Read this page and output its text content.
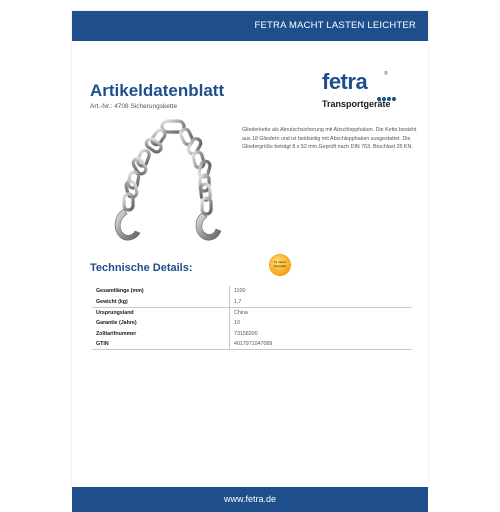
FETRA MACHT LASTEN LEICHTER
Artikeldatenblatt
Art.-Nr.: 4708 Sicherungskette
fetra	®
Transportgeräte
Gliederkette als Abrutschsicherung mit Abschlepphaken. Die Kette besteht aus 18 Gliedern und ist beidseitig mit Abschlepphaken ausgestattet. Die Gliedergröße beträgt 8 x 52 mm.Geprüft nach DIN 763, Bruchlast 25 KN.
Technische Details:	10 Jahre Garantie
Gesamtlänge (mm)	1100
Gewicht (kg)	1,7
Ursprungsland	China
Garantie (Jahre)	10
Zolltarifnummer	73158200
GTIN	4017971047089
www.fetra.de
